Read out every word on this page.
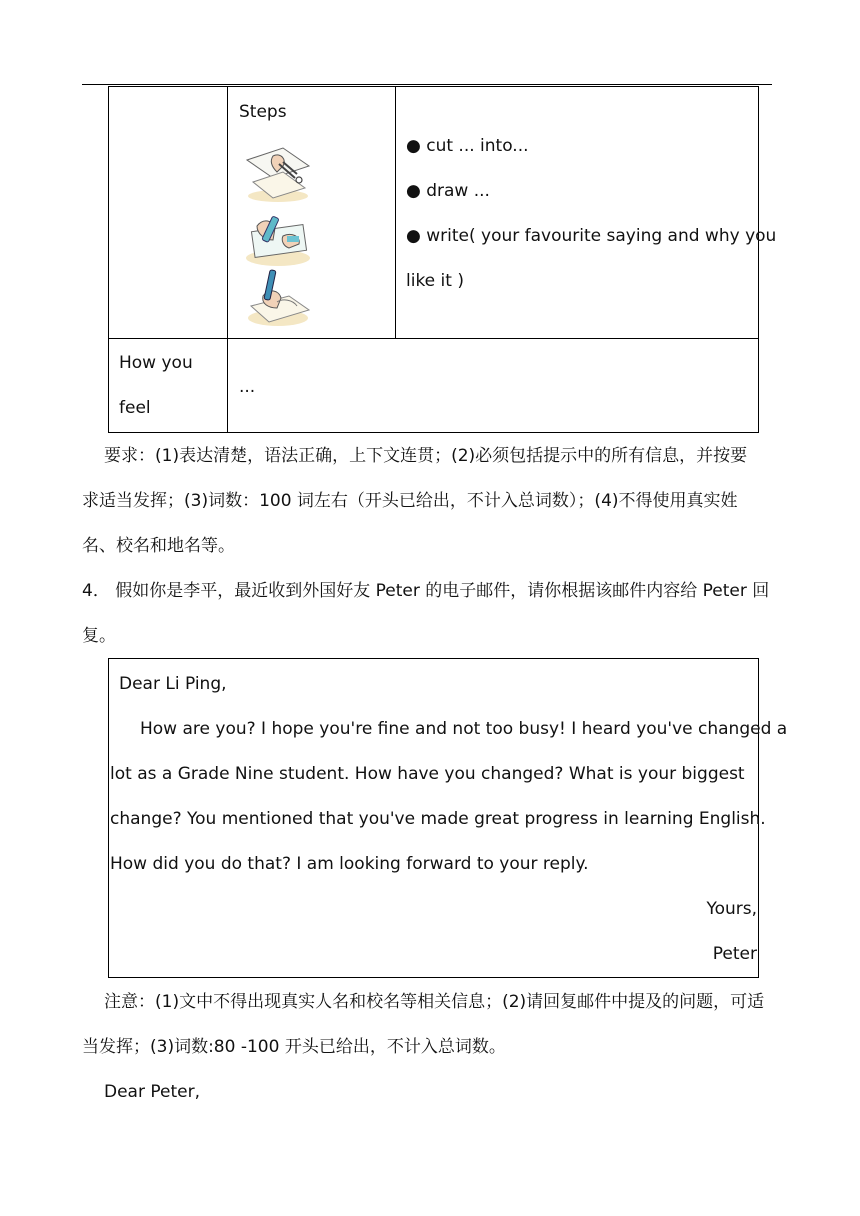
Steps
● cut ... into...
● draw ...
● write( your favourite saying and why you
like it )
How you
feel
...
要求：(1)表达清楚，语法正确，上下文连贯；(2)必须包括提示中的所有信息，并按要
求适当发挥；(3)词数：100 词左右（开头已给出，不计入总词数）；(4)不得使用真实姓
名、校名和地名等。
4． 假如你是李平，最近收到外国好友 Peter 的电子邮件，请你根据该邮件内容给 Peter 回
复。
Dear Li Ping,
How are you? I hope you're fine and not too busy! I heard you've changed a
lot as a Grade Nine student. How have you changed? What is your biggest
change? You mentioned that you've made great progress in learning English.
How did you do that? I am looking forward to your reply.
Yours,
Peter
注意：(1)文中不得出现真实人名和校名等相关信息；(2)请回复邮件中提及的问题，可适
当发挥；(3)词数:80 -100 开头已给出，不计入总词数。
Dear Peter,
